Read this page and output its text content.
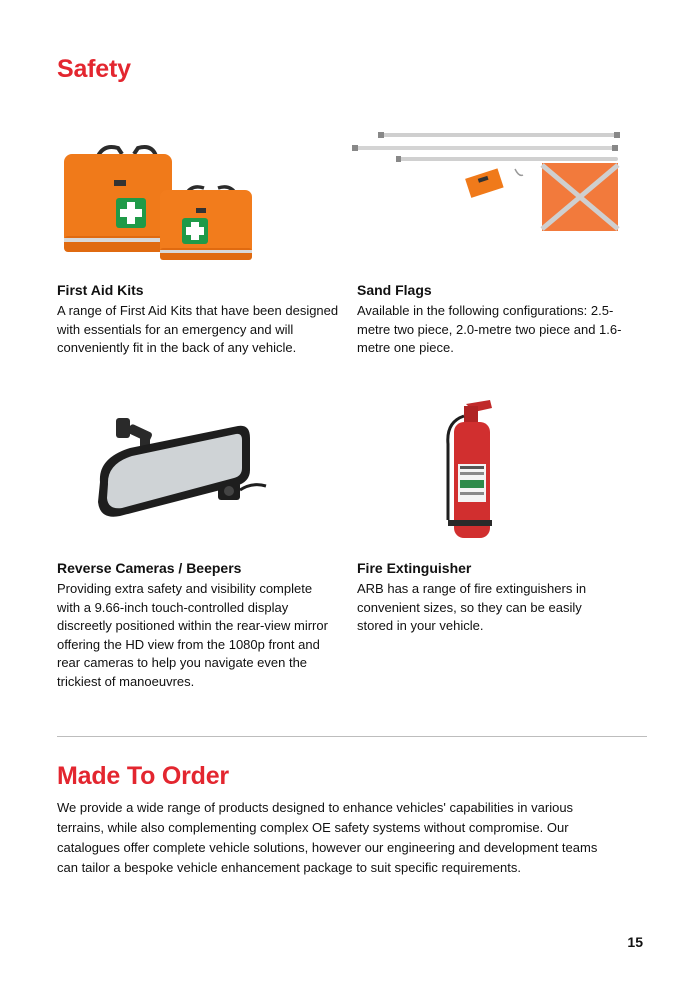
Safety
First Aid Kits

A range of First Aid Kits that have been designed with essentials for an emergency and will conveniently fit in the back of any vehicle.

Sand Flags

Available in the following configurations: 2.5-metre two piece, 2.0-metre two piece and 1.6-metre one piece.

Reverse Cameras / Beepers

Providing extra safety and visibility complete with a 9.66-inch touch-controlled display discreetly positioned within the rear-view mirror offering the HD view from the 1080p front and rear cameras to help you navigate even the trickiest of manoeuvres.

Fire Extinguisher

ARB has a range of fire extinguishers in convenient sizes, so they can be easily stored in your vehicle.

Made To Order

We provide a wide range of products designed to enhance vehicles' capabilities in various terrains, while also complementing complex OE safety systems without compromise. Our catalogues offer complete vehicle solutions, however our engineering and development teams can tailor a bespoke vehicle enhancement package to suit specific requirements.

15
